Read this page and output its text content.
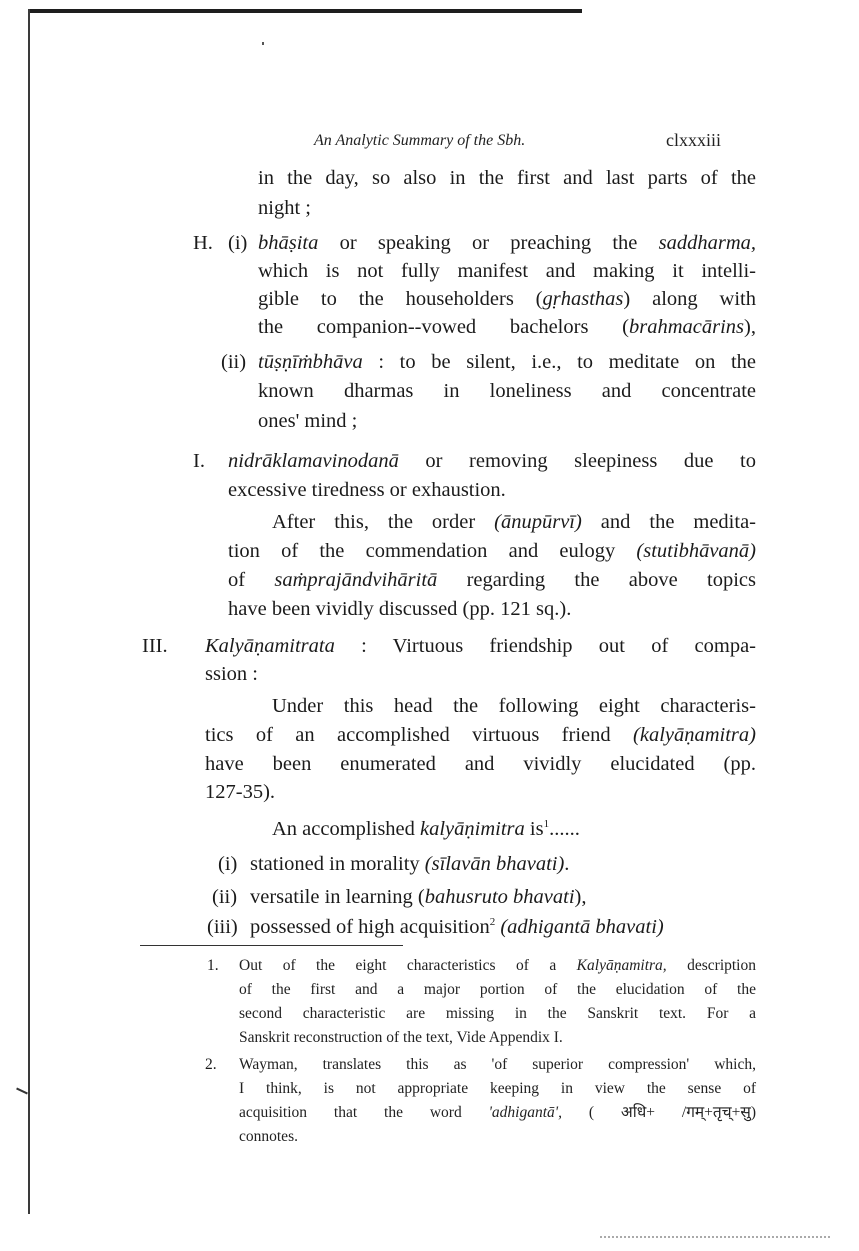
An Analytic Summary of the Sbh.	clxxxiii
in the day, so also in the first and last parts of the
night ;
H. (i) bhāṣita or speaking or preaching the saddharma,
which is not fully manifest and making it intelli-
gible to the householders (gṛhasthas) along with
the companion--vowed bachelors (brahmacārins),
(ii) tūṣṇīṁbhāva : to be silent, i.e., to meditate on the
known dharmas in loneliness and concentrate
ones' mind ;
I. nidrāklamavinodanā or removing sleepiness due to
excessive tiredness or exhaustion.
After this, the order (ānupūrvī) and the medita-
tion of the commendation and eulogy (stutibhāvanā)
of saṁprajāndvihāritā regarding the above topics
have been vividly discussed (pp. 121 sq.).
III. Kalyāṇamitrata : Virtuous friendship out of compa-
ssion :
Under this head the following eight characteris-
tics of an accomplished virtuous friend (kalyāṇamitra)
have been enumerated and vividly elucidated (pp.
127-35).
An accomplished kalyāṇimitra $is^1$......
(i) stationed in morality (sīlavān bhavati).
(ii) versatile in learning (bahusruto bhavati),
(iii) possessed of high acquisition$^2$ (adhigantā bhavati)
1. Out of the eight characteristics of a Kalyāṇamitra, description
of the first and a major portion of the elucidation of the
second characteristic are missing in the Sanskrit text. For a
Sanskrit reconstruction of the text, Vide Appendix I.
2. Wayman, translates this as 'of superior compression' which,
I think, is not appropriate keeping in view the sense of
acquisition that the word 'adhigantā', ( अधि+ /गम्+तृच्+सु)
connotes.
